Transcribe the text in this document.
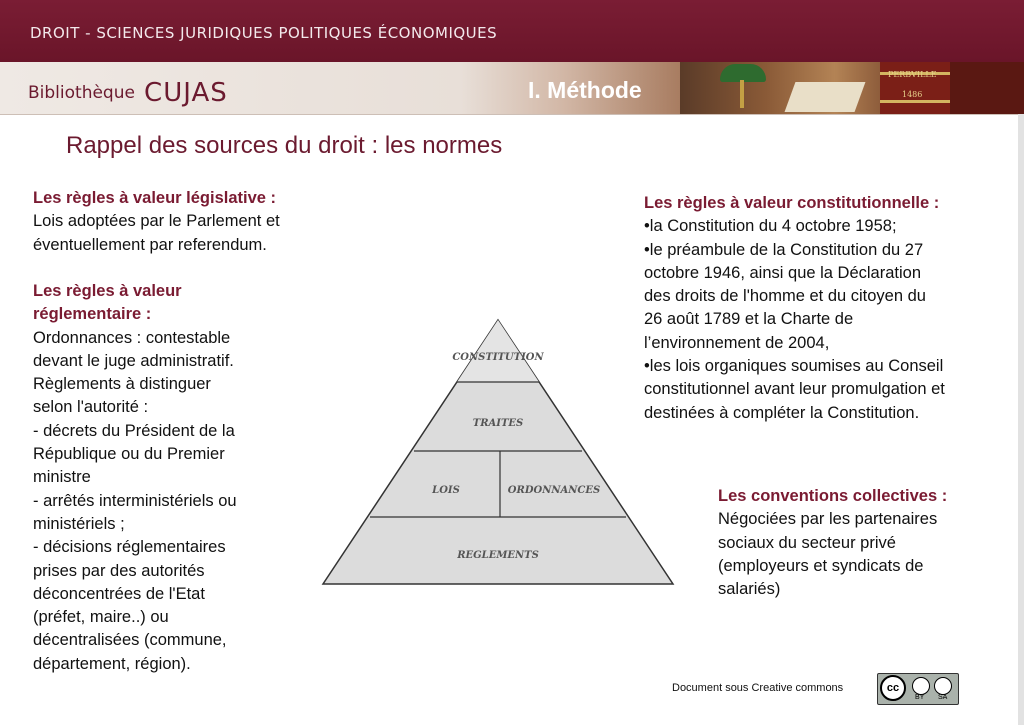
DROIT - SCIENCES JURIDIQUES POLITIQUES ÉCONOMIQUES
PERBVILLE
1486
Bibliothèque CUJAS	I. Méthode
Rappel des sources du droit : les normes

Les règles à valeur législative :

Lois adoptées par le Parlement et

éventuellement par referendum.

Les règles à valeur

réglementaire :

Ordonnances : contestable

devant le juge administratif.

Règlements à distinguer

selon l'autorité :

- décrets du Président de la

République ou du Premier

ministre

- arrêtés interministériels ou

ministériels ;

- décisions réglementaires

prises par des autorités

déconcentrées de l'Etat

(préfet, maire..) ou

décentralisées (commune,

département, région).

Les règles à valeur constitutionnelle :

•la Constitution du 4 octobre 1958;

•le préambule de la Constitution du 27

octobre 1946, ainsi que la Déclaration

des droits de l'homme et du citoyen du

26 août 1789 et la Charte de

l’environnement de 2004,

•les lois organiques soumises au Conseil

constitutionnel avant leur promulgation et

destinées à compléter la Constitution.

Les conventions collectives :

Négociées par les partenaires

sociaux du secteur privé

(employeurs et syndicats de

salariés)

CONSTITUTION
TRAITES
LOIS	ORDONNANCES
REGLEMENTS
Document sous Creative commons	cc
BY SA
